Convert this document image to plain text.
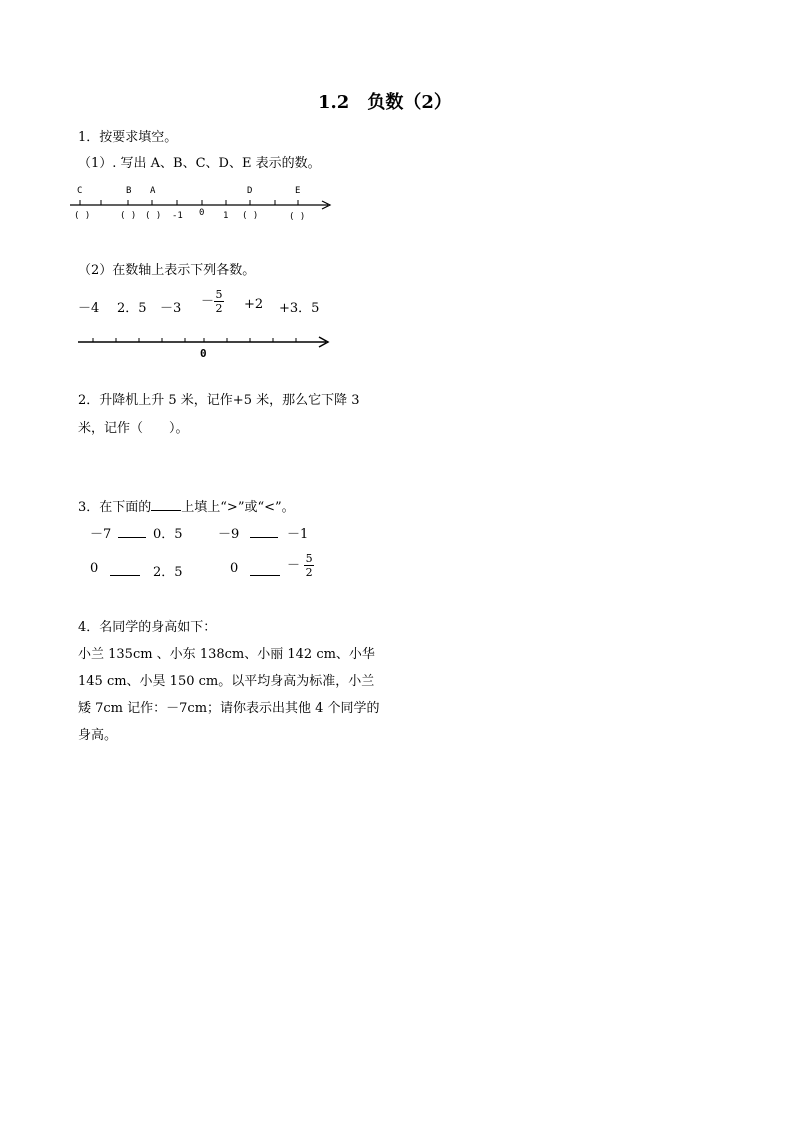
1.2　负数（2）
1．按要求填空。
（1）. 写出 A、B、C、D、E 表示的数。
C	B A	D	E
( )	( ) ( ) -1 0 1 ( )	( )
（2）在数轴上表示下列各数。
－4 2．$5 -3 - \frac{5}{2} +2 +3$．5
0
2．升降机上升 5 米，记作+5 米，那么它下降 3
米，记作（　　）。
3．在下面的 上填上“>”或“<”。
－7	0．5	－9	－1
0	2．5	0	－ $\frac{5}{2}$
4．名同学的身高如下：
小兰 135cm 、小东 138cm、小丽 142 cm、小华
145 cm、小昊 150 cm。以平均身高为标准，小兰
矮 7cm 记作：－7cm；请你表示出其他 4 个同学的
身高。
